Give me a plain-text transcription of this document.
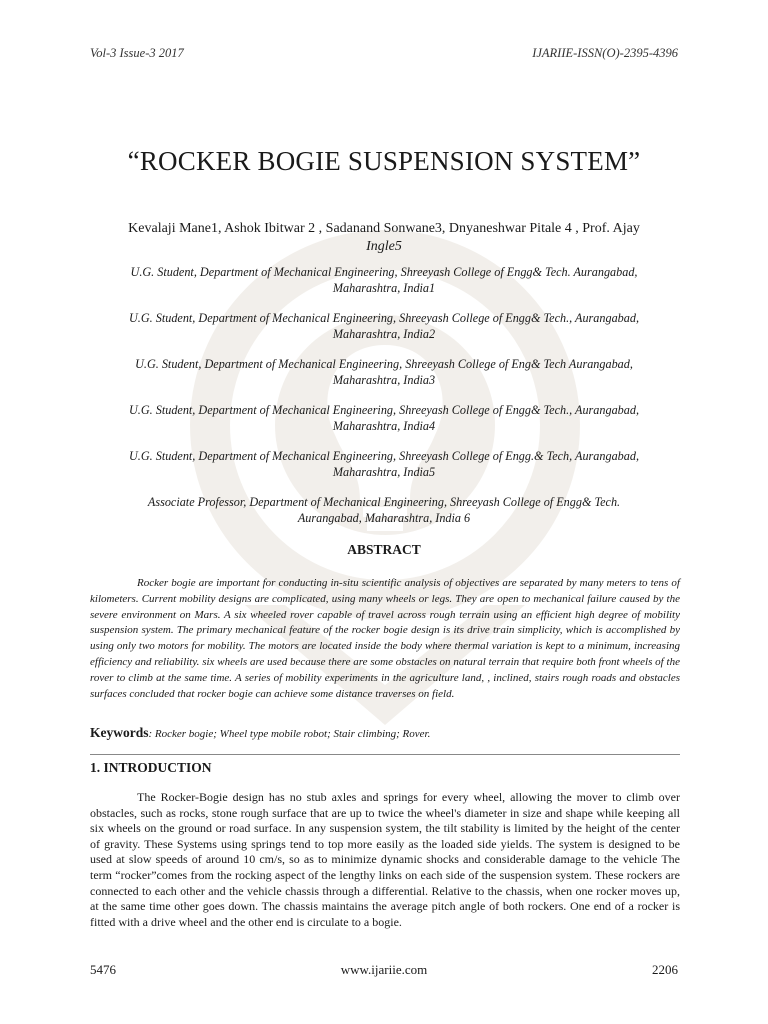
Vol-3 Issue-3 2017	IJARIIE-ISSN(O)-2395-4396
“ROCKER BOGIE SUSPENSION SYSTEM”
Kevalaji Mane1, Ashok Ibitwar 2 , Sadanand Sonwane3, Dnyaneshwar Pitale 4 , Prof. Ajay
Ingle5
U.G. Student, Department of Mechanical Engineering, Shreeyash College of Engg& Tech. Aurangabad,
Maharashtra, India1
U.G. Student, Department of Mechanical Engineering, Shreeyash College of Engg& Tech., Aurangabad,
Maharashtra, India2
U.G. Student, Department of Mechanical Engineering, Shreeyash College of Eng& Tech Aurangabad,
Maharashtra, India3
U.G. Student, Department of Mechanical Engineering, Shreeyash College of Engg& Tech., Aurangabad,
Maharashtra, India4
U.G. Student, Department of Mechanical Engineering, Shreeyash College of Engg.& Tech, Aurangabad,
Maharashtra, India5
Associate Professor, Department of Mechanical Engineering, Shreeyash College of Engg& Tech.
Aurangabad, Maharashtra, India 6
ABSTRACT
Rocker bogie are important for conducting in-situ scientific analysis of objectives are separated by many meters to tens of kilometers. Current mobility designs are complicated, using many wheels or legs. They are open to mechanical failure caused by the severe environment on Mars. A six wheeled rover capable of travel across rough terrain using an efficient high degree of mobility suspension system. The primary mechanical feature of the rocker bogie design is its drive train simplicity, which is accomplished by using only two motors for mobility. The motors are located inside the body where thermal variation is kept to a minimum, increasing efficiency and reliability. six wheels are used because there are some obstacles on natural terrain that require both front wheels of the rover to climb at the same time. A series of mobility experiments in the agriculture land, , inclined, stairs rough roads and obstacles surfaces concluded that rocker bogie can achieve some distance traverses on field.
Keywords: Rocker bogie; Wheel type mobile robot; Stair climbing; Rover.
1. INTRODUCTION
The Rocker-Bogie design has no stub axles and springs for every wheel, allowing the mover to climb over obstacles, such as rocks, stone rough surface that are up to twice the wheel's diameter in size and shape while keeping all six wheels on the ground or road surface. In any suspension system, the tilt stability is limited by the height of the center of gravity. These Systems using springs tend to top more easily as the loaded side yields. The system is designed to be used at slow speeds of around 10 cm/s, so as to minimize dynamic shocks and considerable damage to the vehicle The term “rocker”comes from the rocking aspect of the lengthy links on each side of the suspension system. These rockers are connected to each other and the vehicle chassis through a differential. Relative to the chassis, when one rocker moves up, at the same time other goes down. The chassis maintains the average pitch angle of both rockers. One end of a rocker is fitted with a drive wheel and the other end is circulate to a bogie.
5476	www.ijariie.com	2206
